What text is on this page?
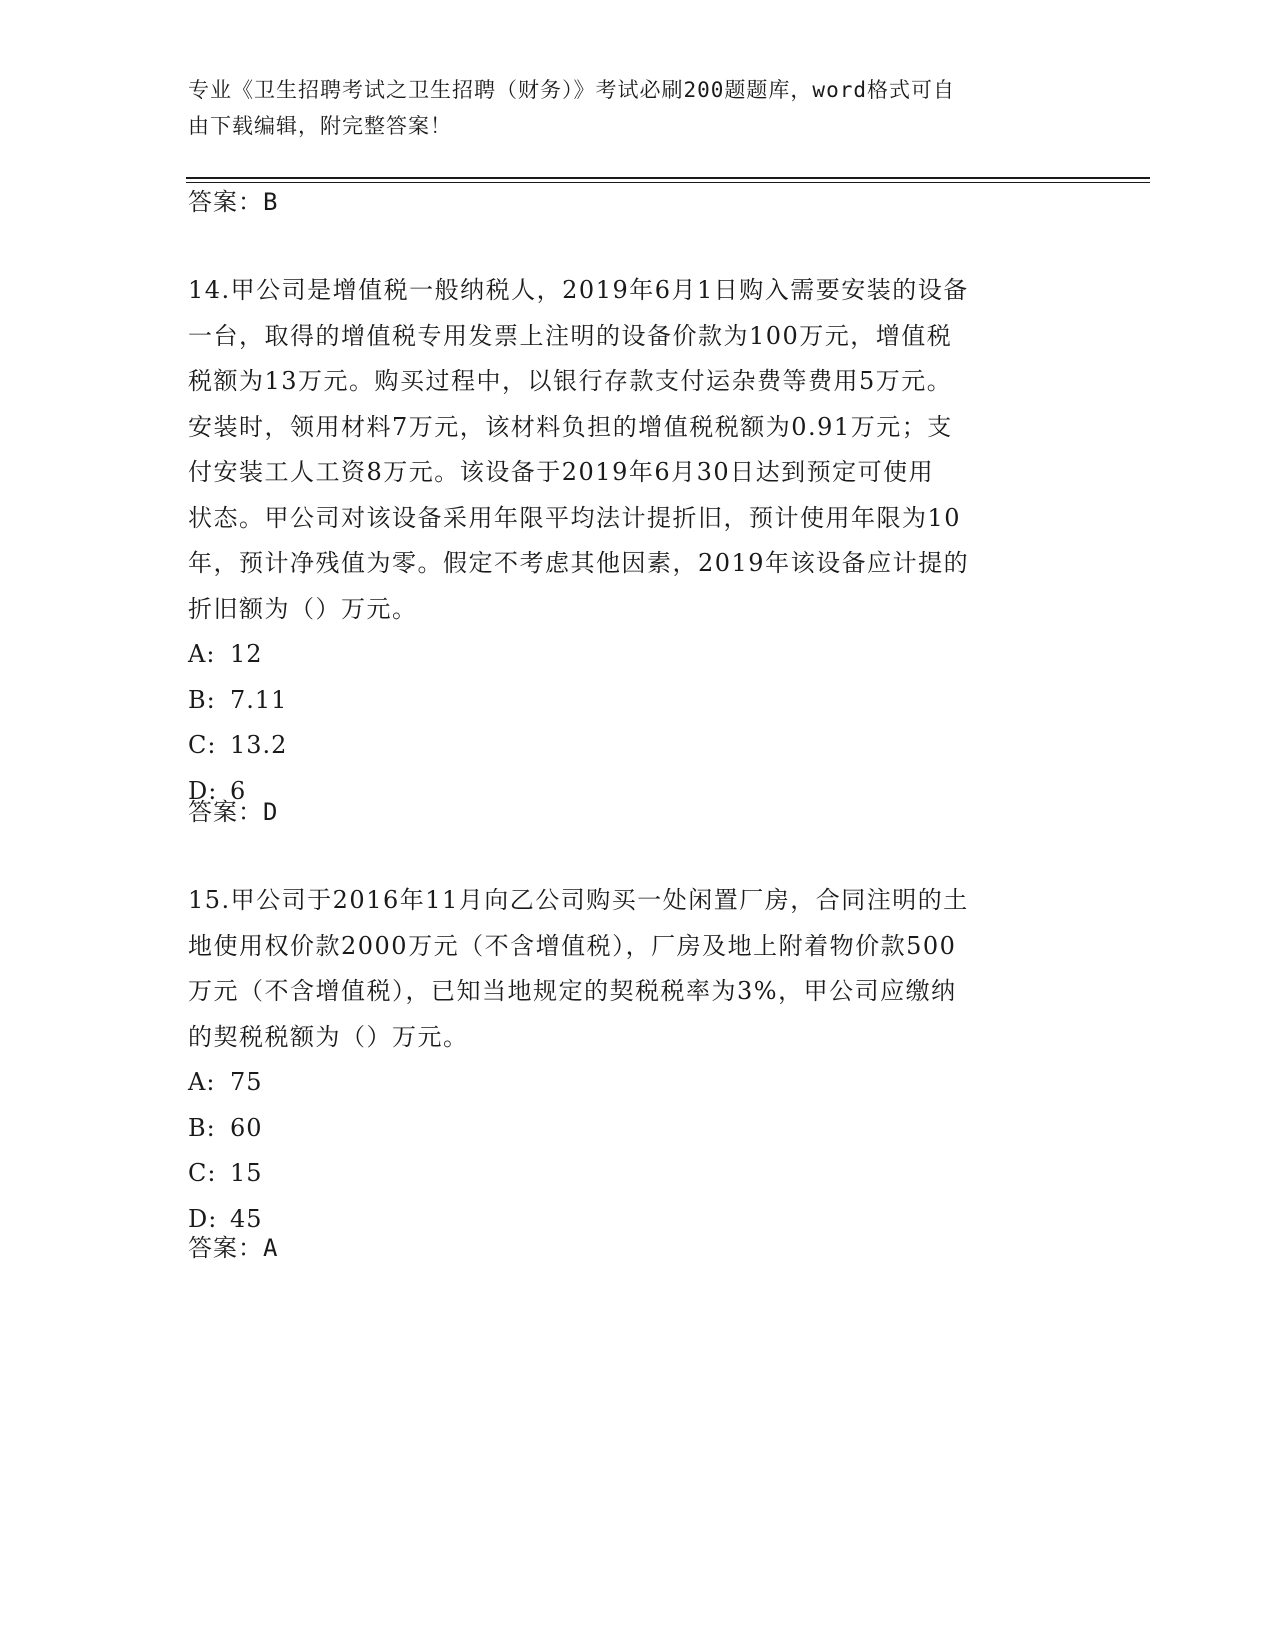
专业《卫生招聘考试之卫生招聘（财务）》考试必刷200题题库，word格式可自
由下载编辑，附完整答案！
答案：B

14.甲公司是增值税一般纳税人，2019年6月1日购入需要安装的设备

一台，取得的增值税专用发票上注明的设备价款为100万元，增值税

税额为13万元。购买过程中，以银行存款支付运杂费等费用5万元。

安装时，领用材料7万元，该材料负担的增值税税额为0.91万元；支

付安装工人工资8万元。该设备于2019年6月30日达到预定可使用

状态。甲公司对该设备采用年限平均法计提折旧，预计使用年限为10

年，预计净残值为零。假定不考虑其他因素，2019年该设备应计提的

折旧额为（）万元。

A: 12

B: 7.11

C: 13.2

D: 6

答案：D

15.甲公司于2016年11月向乙公司购买一处闲置厂房，合同注明的土

地使用权价款2000万元（不含增值税），厂房及地上附着物价款500

万元（不含增值税），已知当地规定的契税税率为3%，甲公司应缴纳

的契税税额为（）万元。

A: 75

B: 60

C: 15

D: 45

答案：A
